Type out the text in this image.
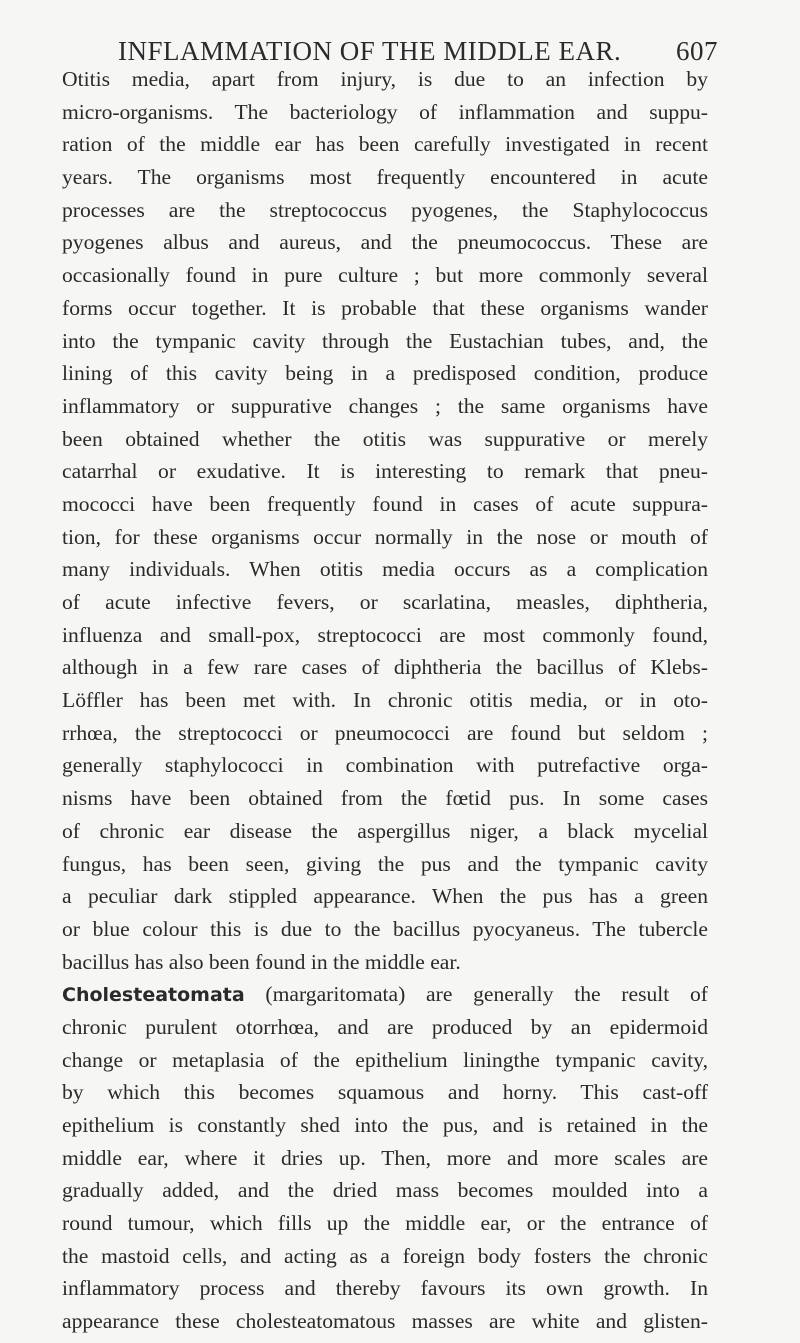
INFLAMMATION OF THE MIDDLE EAR. 607
Otitis media, apart from injury, is due to an infection by
micro-organisms. The bacteriology of inflammation and suppu-
ration of the middle ear has been carefully investigated in recent
years. The organisms most frequently encountered in acute
processes are the streptococcus pyogenes, the Staphylococcus
pyogenes albus and aureus, and the pneumococcus. These are
occasionally found in pure culture ; but more commonly several
forms occur together. It is probable that these organisms wander
into the tympanic cavity through the Eustachian tubes, and, the
lining of this cavity being in a predisposed condition, produce
inflammatory or suppurative changes ; the same organisms have
been obtained whether the otitis was suppurative or merely
catarrhal or exudative. It is interesting to remark that pneu-
mococci have been frequently found in cases of acute suppura-
tion, for these organisms occur normally in the nose or mouth of
many individuals. When otitis media occurs as a complication
of acute infective fevers, or scarlatina, measles, diphtheria,
influenza and small-pox, streptococci are most commonly found,
although in a few rare cases of diphtheria the bacillus of Klebs-
Löffler has been met with. In chronic otitis media, or in oto-
rrhœa, the streptococci or pneumococci are found but seldom ;
generally staphylococci in combination with putrefactive orga-
nisms have been obtained from the fœtid pus. In some cases
of chronic ear disease the aspergillus niger, a black mycelial
fungus, has been seen, giving the pus and the tympanic cavity
a peculiar dark stippled appearance. When the pus has a green
or blue colour this is due to the bacillus pyocyaneus. The tubercle
bacillus has also been found in the middle ear.
Cholesteatomata (margaritomata) are generally the result of
chronic purulent otorrhœa, and are produced by an epidermoid
change or metaplasia of the epithelium liningthe tympanic cavity,
by which this becomes squamous and horny. This cast-off
epithelium is constantly shed into the pus, and is retained in the
middle ear, where it dries up. Then, more and more scales are
gradually added, and the dried mass becomes moulded into a
round tumour, which fills up the middle ear, or the entrance of
the mastoid cells, and acting as a foreign body fosters the chronic
inflammatory process and thereby favours its own growth. In
appearance these cholesteatomatous masses are white and glisten-
